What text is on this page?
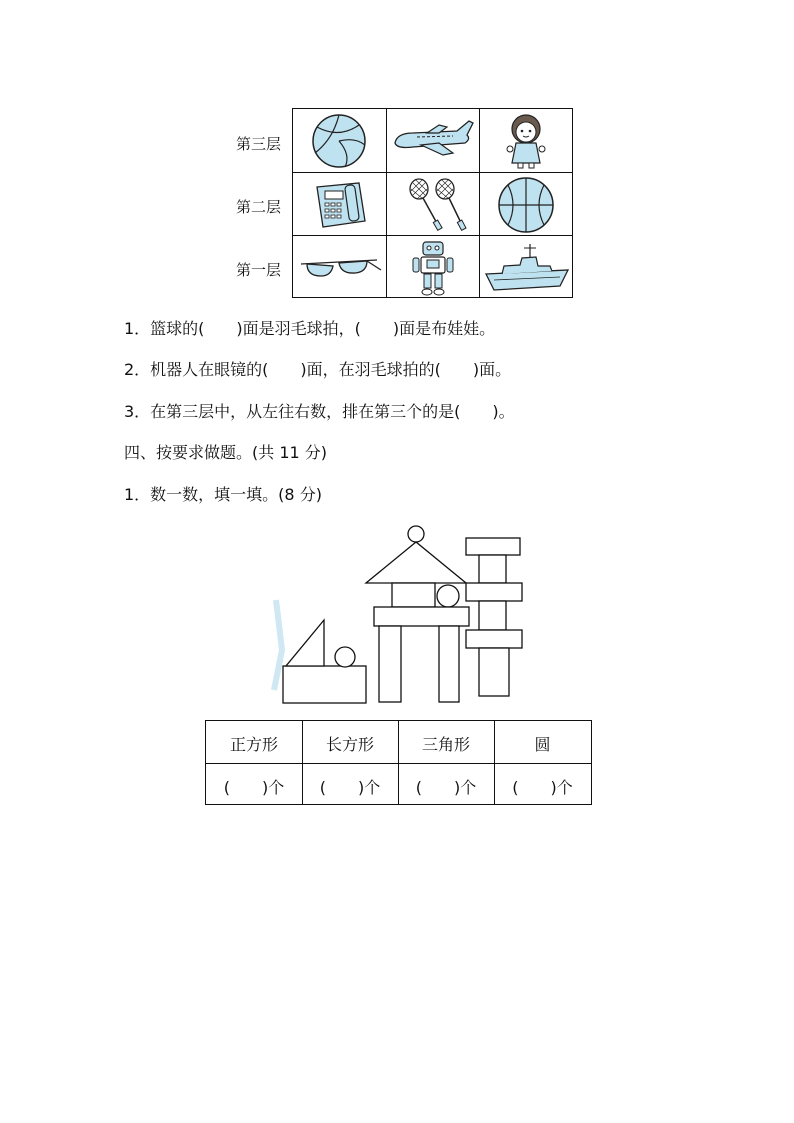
第三层
第二层
第一层
1．篮球的(　　)面是羽毛球拍，(　　)面是布娃娃。
2．机器人在眼镜的(　　)面，在羽毛球拍的(　　)面。
3．在第三层中，从左往右数，排在第三个的是(　　)。
四、按要求做题。(共 11 分)
1．数一数，填一填。(8 分)
正方形	长方形	三角形	圆
(　　)个	(　　)个	(　　)个	(　　)个
